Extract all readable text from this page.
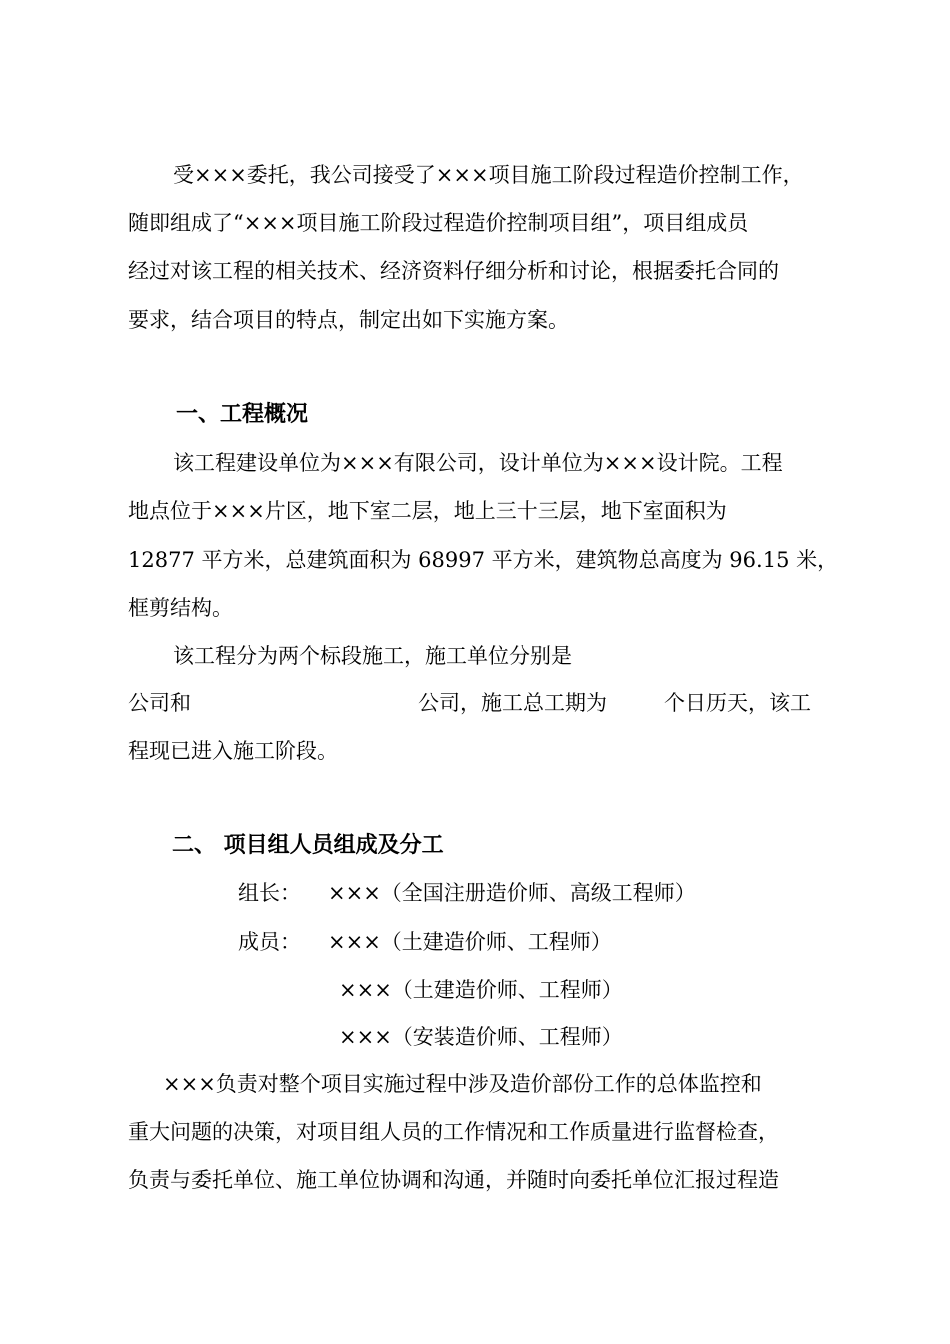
受×××委托，我公司接受了×××项目施工阶段过程造价控制工作，
随即组成了“×××项目施工阶段过程造价控制项目组”，项目组成员
经过对该工程的相关技术、经济资料仔细分析和讨论，根据委托合同的
要求，结合项目的特点，制定出如下实施方案。
一、工程概况
该工程建设单位为×××有限公司，设计单位为×××设计院。工程
地点位于×××片区，地下室二层，地上三十三层，地下室面积为
12877 平方米，总建筑面积为 68997 平方米，建筑物总高度为 96.15 米，
框剪结构。
该工程分为两个标段施工，施工单位分别是
公司和	公司，施工总工期为	个日历天，该工
程现已进入施工阶段。
二、 项目组人员组成及分工
组长： ×××（全国注册造价师、高级工程师）
成员： ×××（土建造价师、工程师）
×××（土建造价师、工程师）
×××（安装造价师、工程师）
×××负责对整个项目实施过程中涉及造价部份工作的总体监控和
重大问题的决策，对项目组人员的工作情况和工作质量进行监督检查，
负责与委托单位、施工单位协调和沟通，并随时向委托单位汇报过程造
